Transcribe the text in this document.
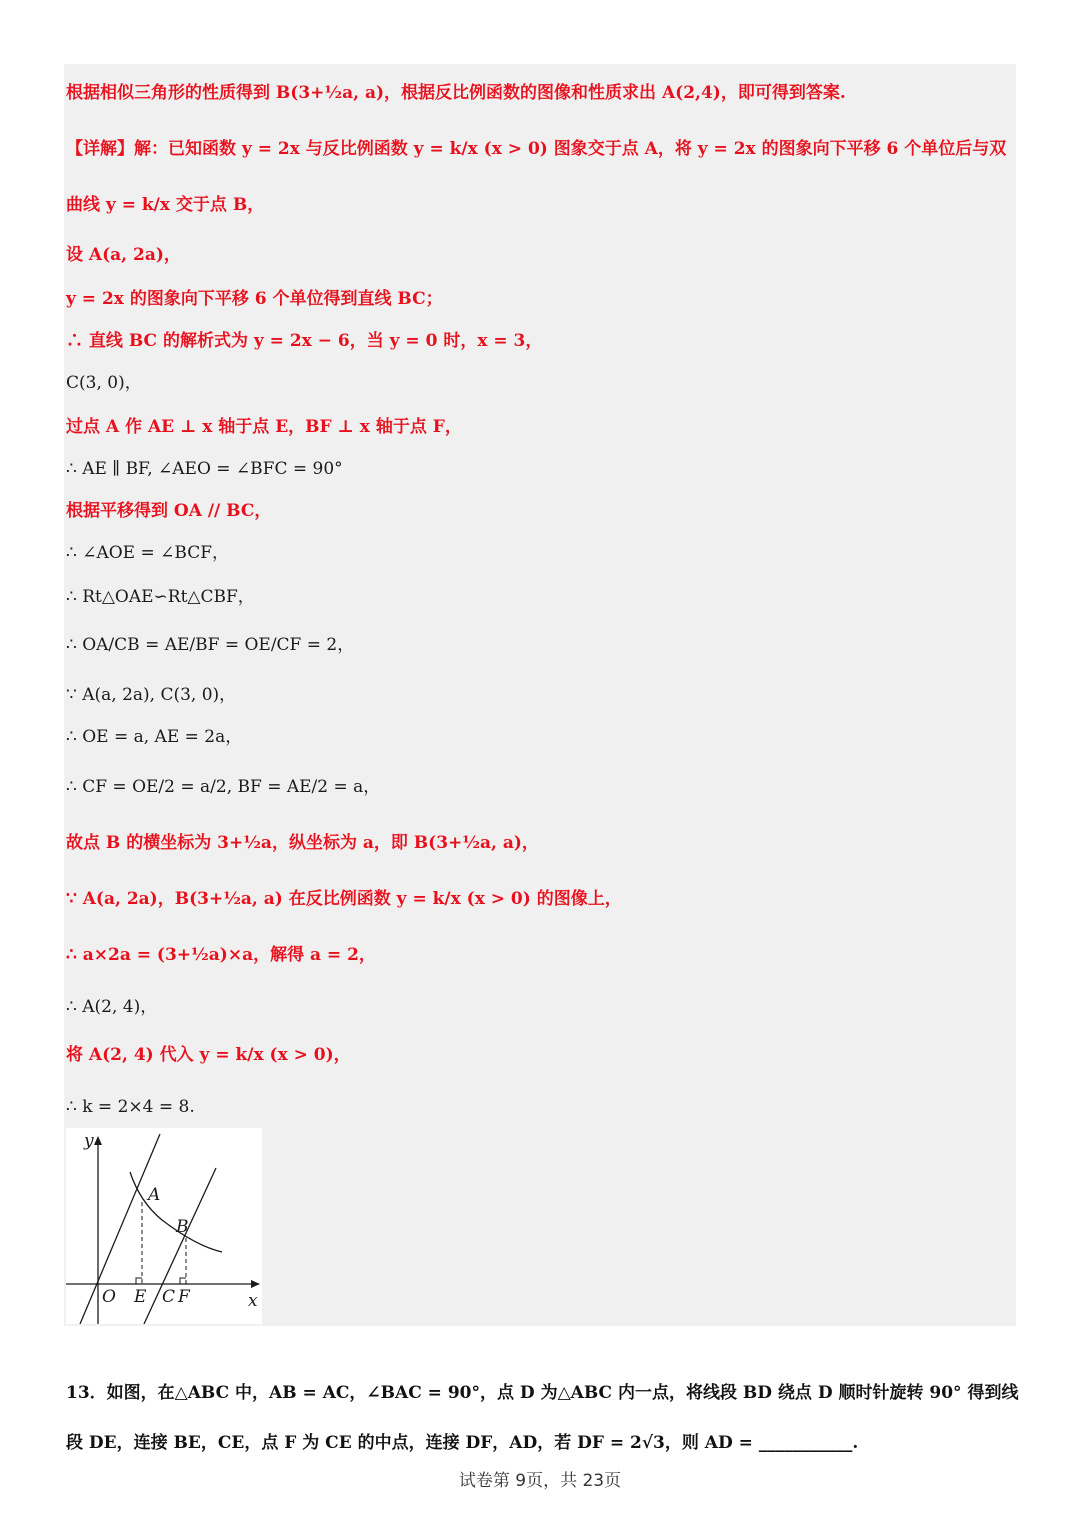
根据相似三角形的性质得到 B(3+½a, a)，根据反比例函数的图像和性质求出 A(2,4)，即可得到答案.
【详解】解：已知函数 y = 2x 与反比例函数 y = k/x (x > 0) 图象交于点 A，将 y = 2x 的图象向下平移 6 个单位后与双
曲线 y = k/x 交于点 B，
设 A(a, 2a)，
y = 2x 的图象向下平移 6 个单位得到直线 BC；
∴ 直线 BC 的解析式为 y = 2x − 6，当 y = 0 时，x = 3，
C(3, 0)，
过点 A 作 AE ⊥ x 轴于点 E，BF ⊥ x 轴于点 F，
∴ AE ∥ BF, ∠AEO = ∠BFC = 90°
根据平移得到 OA // BC，
∴ ∠AOE = ∠BCF，
∴ Rt△OAE∽Rt△CBF，
∴ OA/CB = AE/BF = OE/CF = 2，
∵ A(a, 2a), C(3, 0)，
∴ OE = a, AE = 2a，
∴ CF = OE/2 = a/2, BF = AE/2 = a，
故点 B 的横坐标为 3+½a，纵坐标为 a，即 B(3+½a, a)，
∵ A(a, 2a)，B(3+½a, a) 在反比例函数 y = k/x (x > 0) 的图像上，
∴ a×2a = (3+½a)×a，解得 a = 2，
∴ A(2, 4)，
将 A(2, 4) 代入 y = k/x (x > 0)，
∴ k = 2×4 = 8.
y
A
B
O E C F	x
13．如图，在△ABC 中，AB = AC，∠BAC = 90°，点 D 为△ABC 内一点，将线段 BD 绕点 D 顺时针旋转 90° 得到线
段 DE，连接 BE，CE，点 F 为 CE 的中点，连接 DF，AD，若 DF = 2√3，则 AD = ___________.
试卷第 9页，共 23页
